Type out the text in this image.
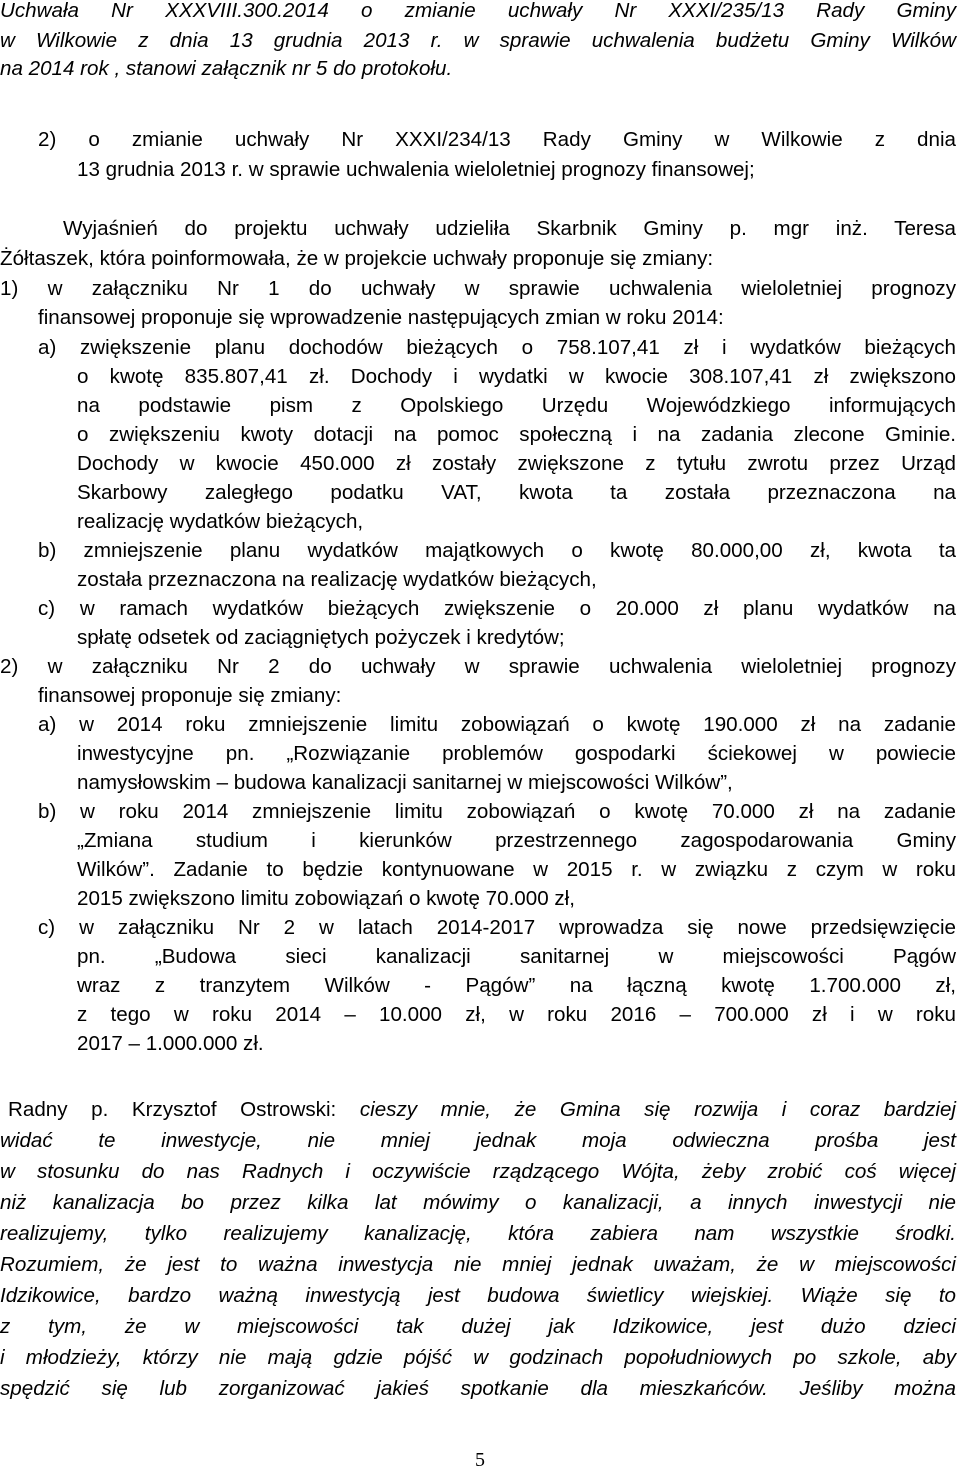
Uchwała Nr XXXVIII.300.2014 o zmianie uchwały Nr XXXI/235/13 Rady Gminy
w Wilkowie z dnia 13 grudnia 2013 r. w sprawie uchwalenia budżetu Gminy Wilków
na 2014 rok , stanowi załącznik nr 5 do protokołu.
2) o zmianie uchwały Nr XXXI/234/13 Rady Gminy w Wilkowie z dnia
13 grudnia 2013 r. w sprawie uchwalenia wieloletniej prognozy finansowej;
Wyjaśnień do projektu uchwały udzieliła Skarbnik Gminy p. mgr inż. Teresa
Żółtaszek, która poinformowała, że w projekcie uchwały proponuje się zmiany:
1) w załączniku Nr 1 do uchwały w sprawie uchwalenia wieloletniej prognozy
finansowej proponuje się wprowadzenie następujących zmian w roku 2014:
a) zwiększenie planu dochodów bieżących o 758.107,41 zł i wydatków bieżących
o kwotę 835.807,41 zł. Dochody i wydatki w kwocie 308.107,41 zł zwiększono
na podstawie pism z Opolskiego Urzędu Wojewódzkiego informujących
o zwiększeniu kwoty dotacji na pomoc społeczną i na zadania zlecone Gminie.
Dochody w kwocie 450.000 zł zostały zwiększone z tytułu zwrotu przez Urząd
Skarbowy zaległego podatku VAT, kwota ta została przeznaczona na
realizację wydatków bieżących,
b) zmniejszenie planu wydatków majątkowych o kwotę 80.000,00 zł, kwota ta
została przeznaczona na realizację wydatków bieżących,
c) w ramach wydatków bieżących zwiększenie o 20.000 zł planu wydatków na
spłatę odsetek od zaciągniętych pożyczek i kredytów;
2) w załączniku Nr 2 do uchwały w sprawie uchwalenia wieloletniej prognozy
finansowej proponuje się zmiany:
a) w 2014 roku zmniejszenie limitu zobowiązań o kwotę 190.000 zł na zadanie
inwestycyjne pn. „Rozwiązanie problemów gospodarki ściekowej w powiecie
namysłowskim – budowa kanalizacji sanitarnej w miejscowości Wilków”,
b) w roku 2014 zmniejszenie limitu zobowiązań o kwotę 70.000 zł na zadanie
„Zmiana studium i kierunków przestrzennego zagospodarowania Gminy
Wilków”. Zadanie to będzie kontynuowane w 2015 r. w związku z czym w roku
2015 zwiększono limitu zobowiązań o kwotę 70.000 zł,
c) w załączniku Nr 2 w latach 2014-2017 wprowadza się nowe przedsięwzięcie
pn. „Budowa sieci kanalizacji sanitarnej w miejscowości Pągów
wraz z tranzytem Wilków - Pągów” na łączną kwotę 1.700.000 zł,
z tego w roku 2014 – 10.000 zł, w roku 2016 – 700.000 zł i w roku
2017 – 1.000.000 zł.
Radny p. Krzysztof Ostrowski: cieszy mnie, że Gmina się rozwija i coraz bardziej
widać te inwestycje, nie mniej jednak moja odwieczna prośba jest
w stosunku do nas Radnych i oczywiście rządzącego Wójta, żeby zrobić coś więcej
niż kanalizacja bo przez kilka lat mówimy o kanalizacji, a innych inwestycji nie
realizujemy, tylko realizujemy kanalizację, która zabiera nam wszystkie środki.
Rozumiem, że jest to ważna inwestycja nie mniej jednak uważam, że w miejscowości
Idzikowice, bardzo ważną inwestycją jest budowa świetlicy wiejskiej. Wiąże się to
z tym, że w miejscowości tak dużej jak Idzikowice, jest dużo dzieci
i młodzieży, którzy nie mają gdzie pójść w godzinach popołudniowych po szkole, aby
spędzić się lub zorganizować jakieś spotkanie dla mieszkańców. Jeśliby można
5
